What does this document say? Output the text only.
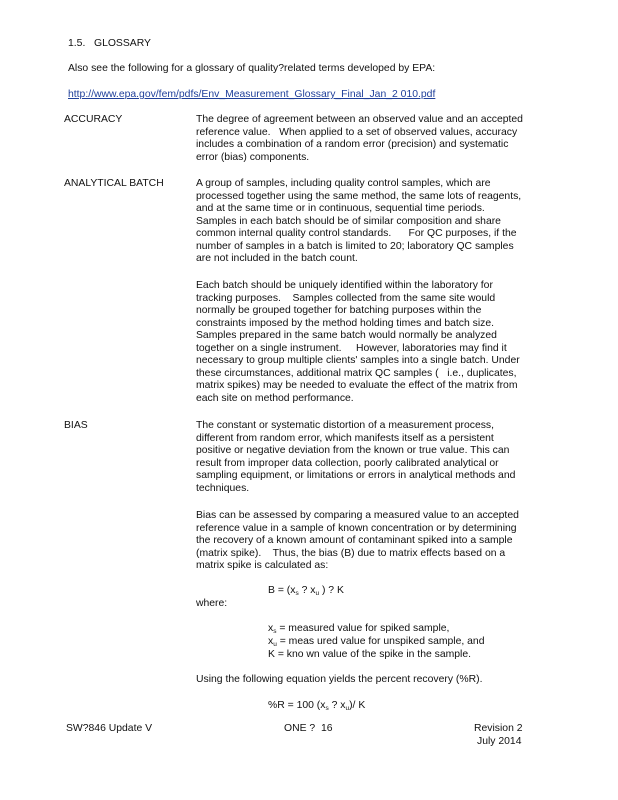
1.5.   GLOSSARY
Also see the following for a glossary of quality?related terms developed by EPA:
http://www.epa.gov/fem/pdfs/Env_Measurement_Glossary_Final_Jan_2 010.pdf
ACCURACY	The degree of agreement between an observed value and an accepted
reference value.   When applied to a set of observed values, accuracy
includes a combination of a random error (precision) and systematic
error (bias) components.
ANALYTICAL BATCH	A group of samples, including quality control samples, which are
processed together using the same method, the same lots of reagents,
and at the same time or in continuous, sequential time periods.
Samples in each batch should be of similar composition and share
common internal quality control standards.      For QC purposes, if the
number of samples in a batch is limited to 20; laboratory QC samples
are not included in the batch count.
Each batch should be uniquely identified within the laboratory for
tracking purposes.    Samples collected from the same site would
normally be grouped together for batching purposes within the
constraints imposed by the method holding times and batch size.
Samples prepared in the same batch would normally be analyzed
together on a single instrument.     However, laboratories may find it
necessary to group multiple clients' samples into a single batch. Under
these circumstances, additional matrix QC samples (   i.e., duplicates,
matrix spikes) may be needed to evaluate the effect of the matrix from
each site on method performance.
BIAS	The constant or systematic distortion of a measurement process,
different from random error, which manifests itself as a persistent
positive or negative deviation from the known or true value. This can
result from improper data collection, poorly calibrated analytical or
sampling equipment, or limitations or errors in analytical methods and
techniques.
Bias can be assessed by comparing a measured value to an accepted
reference value in a sample of known concentration or by determining
the recovery of a known amount of contaminant spiked into a sample
(matrix spike).    Thus, the bias (B) due to matrix effects based on a
matrix spike is calculated as:
$B = (x_s$ ? $x_u$ ) ? K
where:
$x_s$ = measured value for spiked sample,
$x_u$ = meas ured value for unspiked sample, and
K = kno wn value of the spike in the sample.
Using the following equation yields the percent recovery (%R).
%R = 100 ($x_s$ ? $x_u)/$ K
SW?846 Update V	ONE ?  16	Revision 2
July 2014
